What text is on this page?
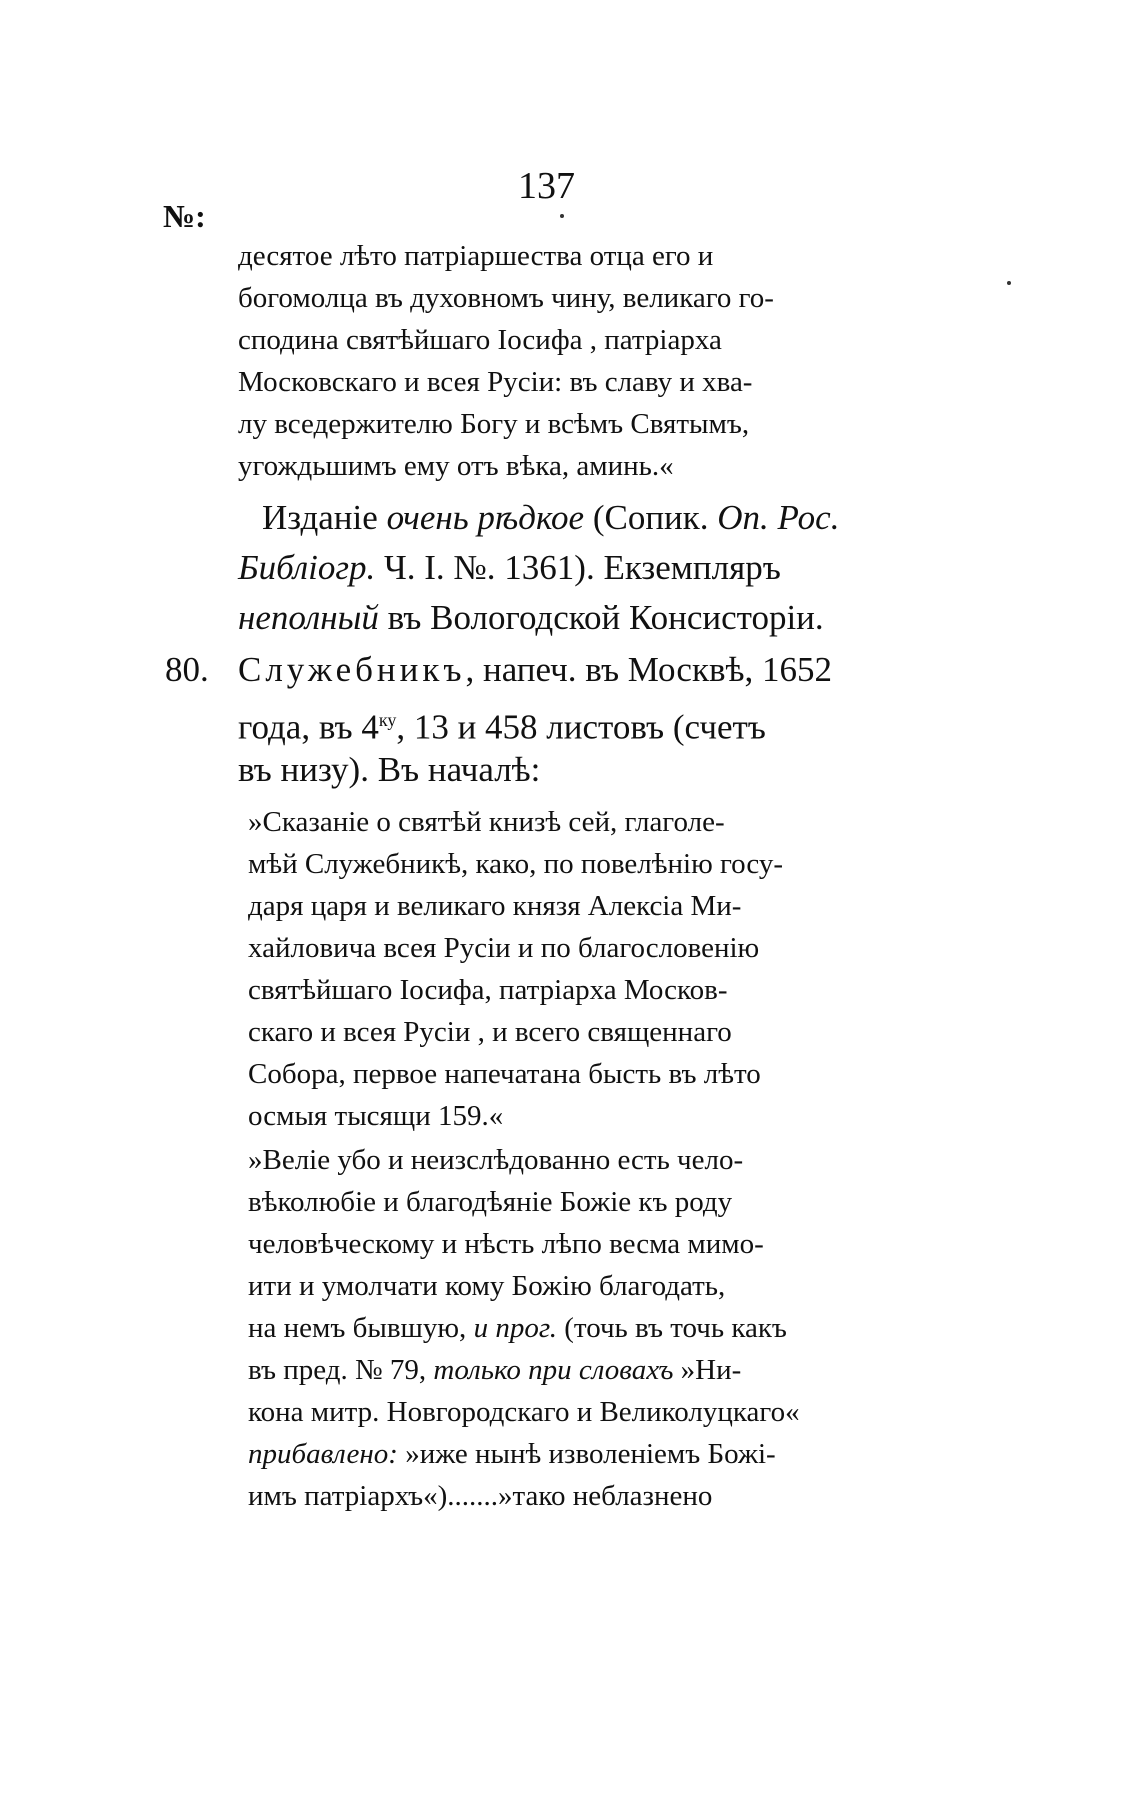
137
№:
десятое лѣто патріаршества отца его и
богомолца въ духовномъ чину, великаго го-
сподина святѣйшаго Іосифа , патріарха
Московскаго и всея Русіи: въ славу и хва-
лу вседержителю Богу и всѣмъ Святымъ,
угождьшимъ ему отъ вѣка, аминь.«
Изданіе очень рѣдкое (Сопик. Оп. Рос.
Библіогр. Ч. І. №. 1361). Екземпляръ
неполный въ Вологодской Консисторіи.
80. Служебникъ, напеч. въ Москвѣ, 1652
года, въ $4^{ку}$, 13 и 458 листовъ (счетъ
въ низу). Въ началѣ:
»Сказаніе о святѣй книзѣ сей, глаголе-
мѣй Служебникѣ, како, по повелѣнію госу-
даря царя и великаго князя Алексіа Ми-
хайловича всея Русіи и по благословенію
святѣйшаго Іосифа, патріарха Москов-
скаго и всея Русіи , и всего священнаго
Собора, первое напечатана бысть въ лѣто
осмыя тысящи 159.«
»Веліе убо и неизслѣдованно есть чело-
вѣколюбіе и благодѣяніе Божіе къ роду
человѣческому и нѣсть лѣпо весма мимо-
ити и умолчати кому Божію благодать,
на немъ бывшую, и прог. (точь въ точь какъ
въ пред. № 79, только при словахъ »Ни-
кона митр. Новгородскаго и Великолуцкаго«
прибавлено: »иже нынѣ изволеніемъ Божі-
имъ патріархъ«).......»тако неблазнено
